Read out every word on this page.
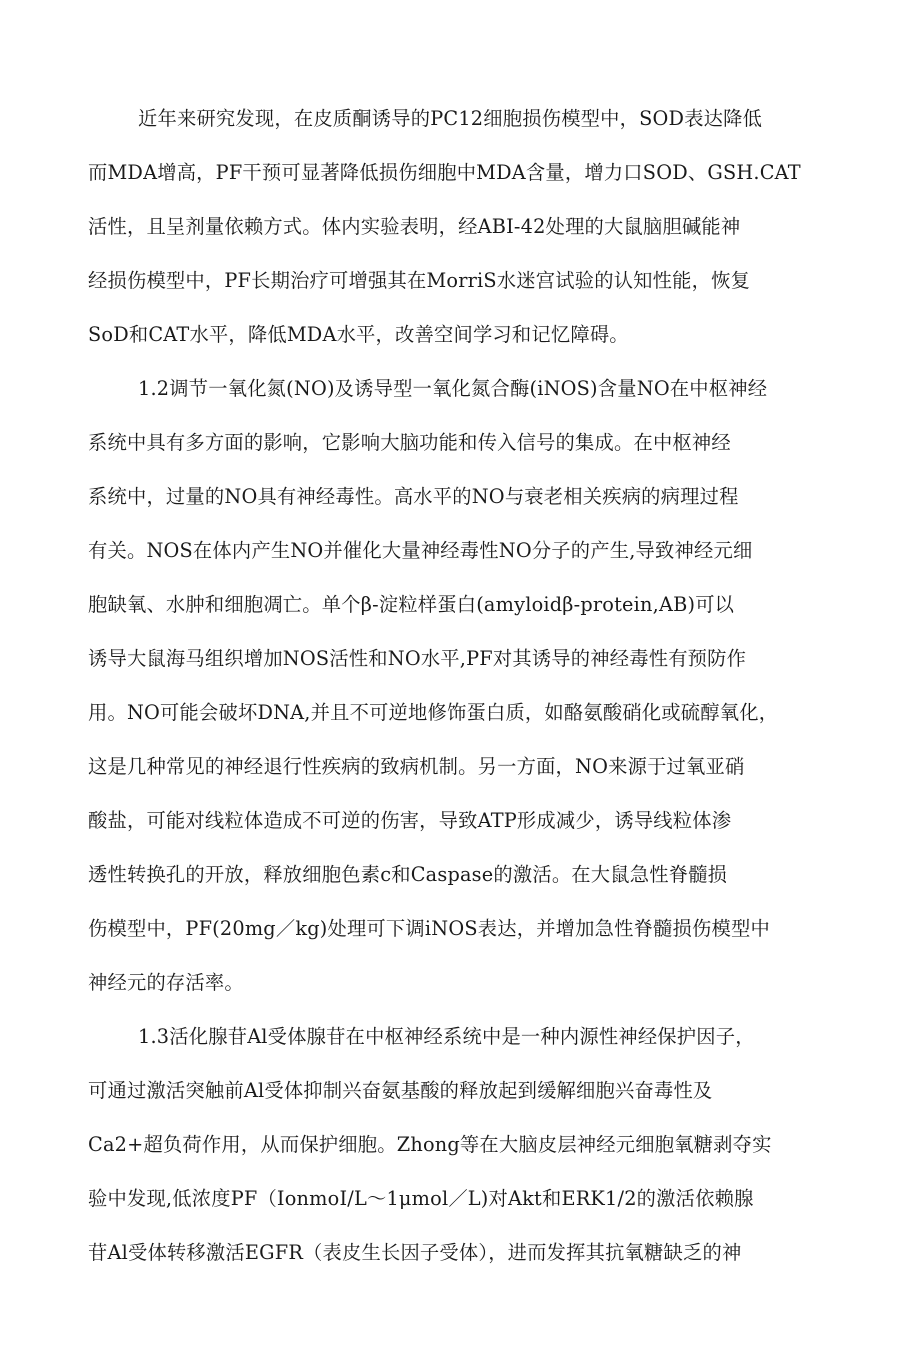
近年来研究发现，在皮质酮诱导的PC12细胞损伤模型中，SOD表达降低
而MDA增高，PF干预可显著降低损伤细胞中MDA含量，增力口SOD、GSH.CAT
活性，且呈剂量依赖方式。体内实验表明，经ABI-42处理的大鼠脑胆碱能神
经损伤模型中，PF长期治疗可增强其在MorriS水迷宫试验的认知性能，恢复
SoD和CAT水平，降低MDA水平，改善空间学习和记忆障碍。
1.2调节一氧化氮(NO)及诱导型一氧化氮合酶(iNOS)含量NO在中枢神经
系统中具有多方面的影响，它影响大脑功能和传入信号的集成。在中枢神经
系统中，过量的NO具有神经毒性。高水平的NO与衰老相关疾病的病理过程
有关。NOS在体内产生NO并催化大量神经毒性NO分子的产生,导致神经元细
胞缺氧、水肿和细胞凋亡。单个β-淀粒样蛋白(amyloidβ-protein,AB)可以
诱导大鼠海马组织增加NOS活性和NO水平,PF对其诱导的神经毒性有预防作
用。NO可能会破坏DNA,并且不可逆地修饰蛋白质，如酪氨酸硝化或硫醇氧化，
这是几种常见的神经退行性疾病的致病机制。另一方面，NO来源于过氧亚硝
酸盐，可能对线粒体造成不可逆的伤害，导致ATP形成减少，诱导线粒体渗
透性转换孔的开放，释放细胞色素c和Caspase的激活。在大鼠急性脊髓损
伤模型中，PF(20mg／kg)处理可下调iNOS表达，并增加急性脊髓损伤模型中
神经元的存活率。
1.3活化腺苷Al受体腺苷在中枢神经系统中是一种内源性神经保护因子，
可通过激活突触前Al受体抑制兴奋氨基酸的释放起到缓解细胞兴奋毒性及
Ca2+超负荷作用，从而保护细胞。Zhong等在大脑皮层神经元细胞氧糖剥夺实
验中发现,低浓度PF（IonmoI/L～1μmol／L)对Akt和ERK1/2的激活依赖腺
苷Al受体转移激活EGFR（表皮生长因子受体），进而发挥其抗氧糖缺乏的神
